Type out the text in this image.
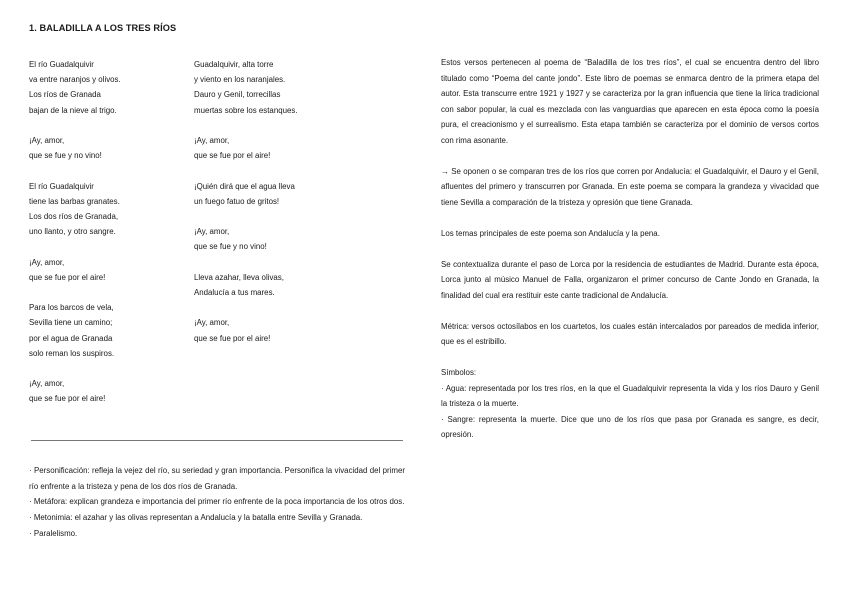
1. BALADILLA A LOS TRES RÍOS
El río Guadalquivir
va entre naranjos y olivos.
Los ríos de Granada
bajan de la nieve al trigo.
¡Ay, amor,
que se fue y no vino!
El río Guadalquivir
tiene las barbas granates.
Los dos ríos de Granada,
uno llanto, y otro sangre.
¡Ay, amor,
que se fue por el aire!
Para los barcos de vela,
Sevilla tiene un camino;
por el agua de Granada
solo reman los suspiros.
¡Ay, amor,
que se fue por el aire!
Guadalquivir, alta torre
y viento en los naranjales.
Dauro y Genil, torrecillas
muertas sobre los estanques.
¡Ay, amor,
que se fue por el aire!
¡Quién dirá que el agua lleva
un fuego fatuo de gritos!
¡Ay, amor,
que se fue y no vino!
Lleva azahar, lleva olivas,
Andalucía a tus mares.
¡Ay, amor,
que se fue por el aire!
· Personificación: refleja la vejez del río, su seriedad y gran importancia. Personifica la vivacidad del primer río enfrente a la tristeza y pena de los dos ríos de Granada.
· Metáfora: explican grandeza e importancia del primer río enfrente de la poca importancia de los otros dos.
· Metonimia: el azahar y las olivas representan a Andalucía y la batalla entre Sevilla y Granada.
· Paralelismo.

Estos versos pertenecen al poema de “Baladilla de los tres ríos”, el cual se encuentra dentro del libro titulado como “Poema del cante jondo”. Este libro de poemas se enmarca dentro de la primera etapa del autor. Esta transcurre entre 1921 y 1927 y se caracteriza por la gran influencia que tiene la lírica tradicional con sabor popular, la cual es mezclada con las vanguardias que aparecen en esta época como la poesía pura, el creacionismo y el surrealismo. Esta etapa también se caracteriza por el dominio de versos cortos con rima asonante.

→ Se oponen o se comparan tres de los ríos que corren por Andalucía: el Guadalquivir, el Dauro y el Genil, afluentes del primero y transcurren por Granada. En este poema se compara la grandeza y vivacidad que tiene Sevilla a comparación de la tristeza y opresión que tiene Granada.

Los temas principales de este poema son Andalucía y la pena.

Se contextualiza durante el paso de Lorca por la residencia de estudiantes de Madrid. Durante esta época, Lorca junto al músico Manuel de Falla, organizaron el primer concurso de Cante Jondo en Granada, la finalidad del cual era restituir este cante tradicional de Andalucía.

Métrica: versos octosílabos en los cuartetos, los cuales están intercalados por pareados de medida inferior, que es el estribillo.

Símbolos:
· Agua: representada por los tres ríos, en la que el Guadalquivir representa la vida y los ríos Dauro y Genil la tristeza o la muerte.
· Sangre: representa la muerte. Dice que uno de los ríos que pasa por Granada es sangre, es decir, opresión.
